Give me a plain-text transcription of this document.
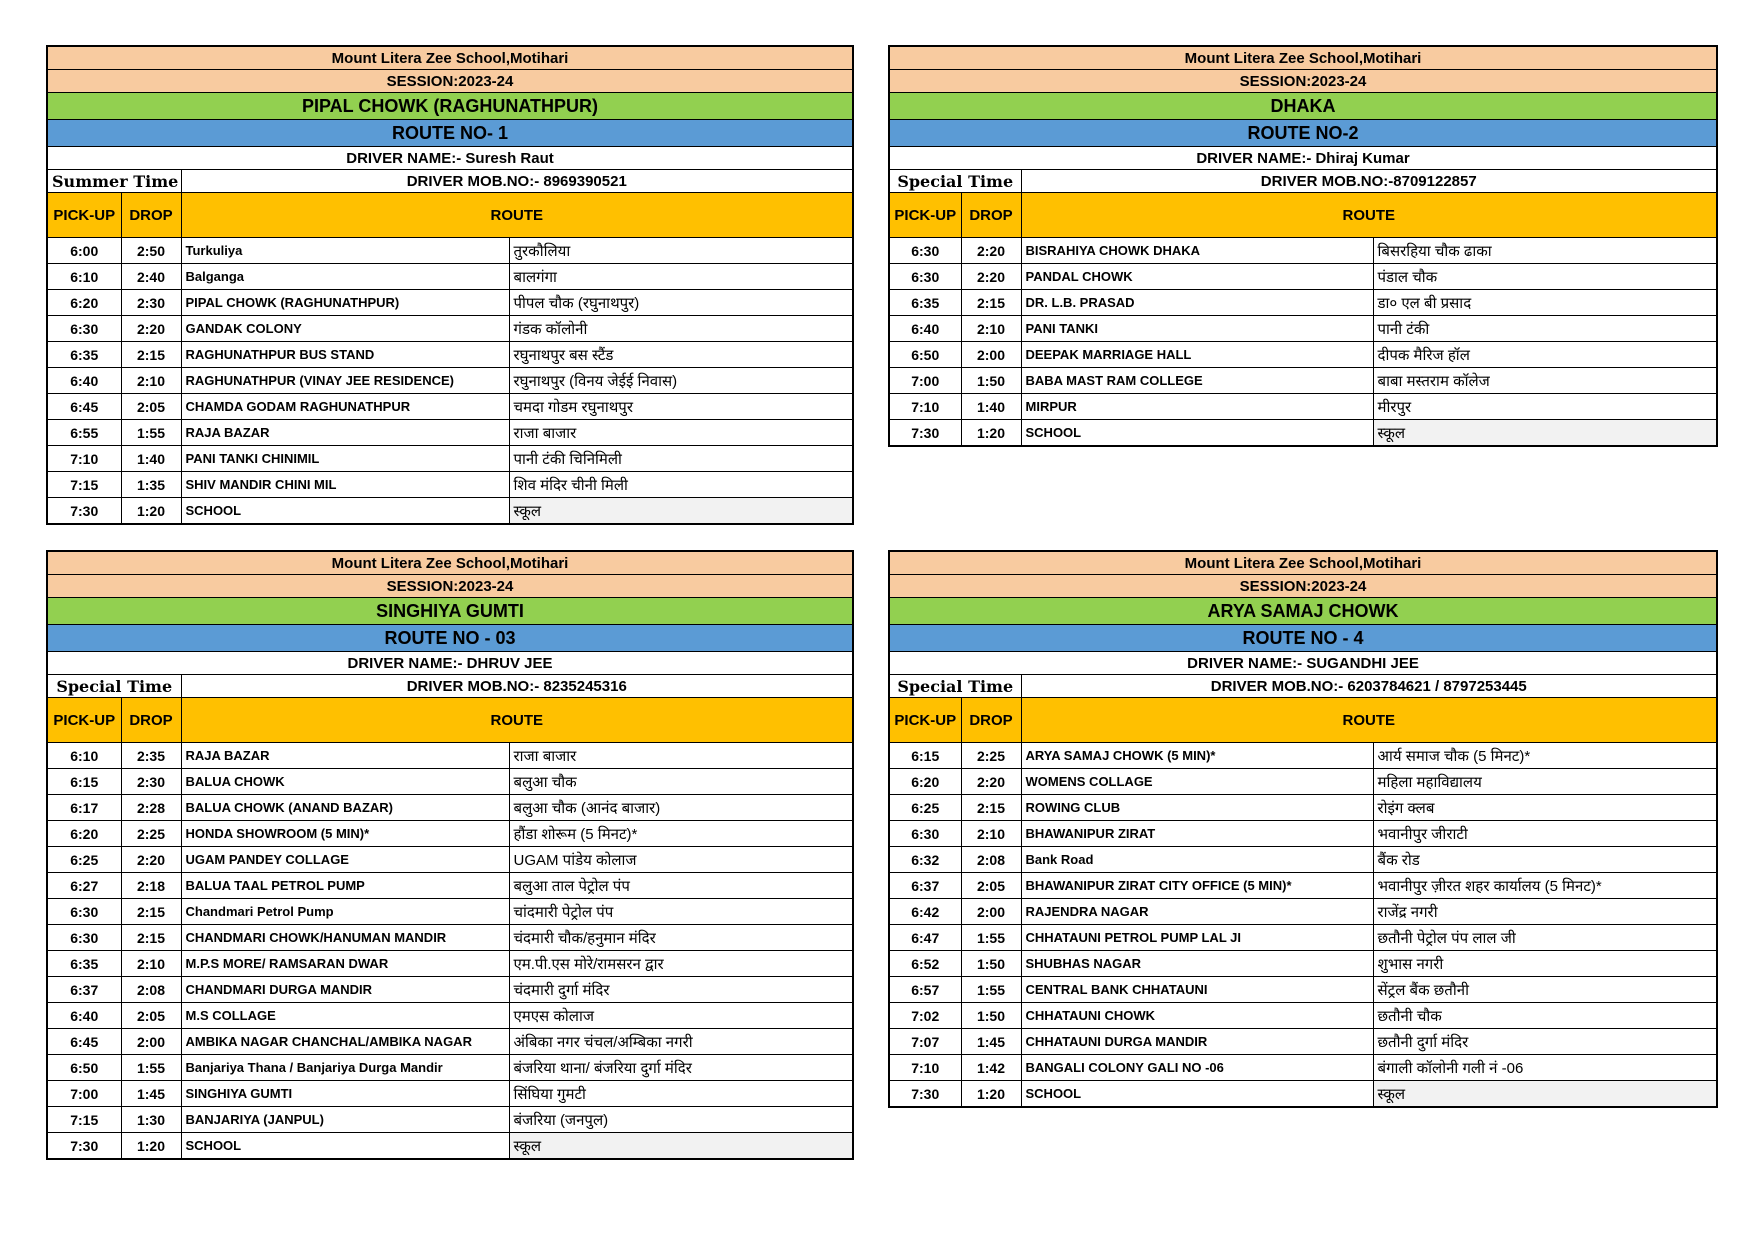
Mount Litera Zee School,Motihari			
SESSION:2023-24			
PIPAL CHOWK (RAGHUNATHPUR)			
ROUTE NO- 1			
DRIVER NAME:- Suresh Raut			
Summer Time		DRIVER MOB.NO:- 8969390521	
PICK-UP	DROP	ROUTE	
6:00	2:50	Turkuliya	तुरकौलिया
6:10	2:40	Balganga	बालगंगा
6:20	2:30	PIPAL CHOWK (RAGHUNATHPUR)	पीपल चौक (रघुनाथपुर)
6:30	2:20	GANDAK COLONY	गंडक कॉलोनी
6:35	2:15	RAGHUNATHPUR BUS STAND	रघुनाथपुर बस स्टैंड
6:40	2:10	RAGHUNATHPUR (VINAY JEE RESIDENCE)	रघुनाथपुर (विनय जेईई निवास)
6:45	2:05	CHAMDA GODAM RAGHUNATHPUR	चमदा गोडम रघुनाथपुर
6:55	1:55	RAJA BAZAR	राजा बाजार
7:10	1:40	PANI TANKI CHINIMIL	पानी टंकी चिनिमिली
7:15	1:35	SHIV MANDIR CHINI MIL	शिव मंदिर चीनी मिली
7:30	1:20	SCHOOL	स्कूल
Mount Litera Zee School,Motihari			
SESSION:2023-24			
DHAKA			
ROUTE NO-2			
DRIVER NAME:- Dhiraj Kumar			
Special Time		DRIVER MOB.NO:-8709122857	
PICK-UP	DROP	ROUTE	
6:30	2:20	BISRAHIYA CHOWK DHAKA	बिसरहिया चौक ढाका
6:30	2:20	PANDAL CHOWK	पंडाल चौक
6:35	2:15	DR. L.B. PRASAD	डा० एल बी प्रसाद
6:40	2:10	PANI TANKI	पानी टंकी
6:50	2:00	DEEPAK MARRIAGE HALL	दीपक मैरिज हॉल
7:00	1:50	BABA MAST RAM COLLEGE	बाबा मस्तराम कॉलेज
7:10	1:40	MIRPUR	मीरपुर
7:30	1:20	SCHOOL	स्कूल
Mount Litera Zee School,Motihari			
SESSION:2023-24			
SINGHIYA GUMTI			
ROUTE NO - 03			
DRIVER NAME:- DHRUV JEE			
Special Time		DRIVER MOB.NO:- 8235245316	
PICK-UP	DROP	ROUTE	
6:10	2:35	RAJA BAZAR	राजा बाजार
6:15	2:30	BALUA CHOWK	बलुआ चौक
6:17	2:28	BALUA CHOWK (ANAND BAZAR)	बलुआ चौक (आनंद बाजार)
6:20	2:25	HONDA SHOWROOM (5 MIN)*	हौंडा शोरूम (5 मिनट)*
6:25	2:20	UGAM PANDEY COLLAGE	UGAM पांडेय कोलाज
6:27	2:18	BALUA TAAL PETROL PUMP	बलुआ ताल पेट्रोल पंप
6:30	2:15	Chandmari Petrol Pump	चांदमारी पेट्रोल पंप
6:30	2:15	CHANDMARI CHOWK/HANUMAN MANDIR	चंदमारी चौक/हनुमान मंदिर
6:35	2:10	M.P.S MORE/ RAMSARAN DWAR	एम.पी.एस मोरे/रामसरन द्वार
6:37	2:08	CHANDMARI DURGA MANDIR	चंदमारी दुर्गा मंदिर
6:40	2:05	M.S COLLAGE	एमएस कोलाज
6:45	2:00	AMBIKA NAGAR CHANCHAL/AMBIKA NAGAR	अंबिका नगर चंचल/अम्बिका नगरी
6:50	1:55	Banjariya Thana / Banjariya Durga Mandir	बंजरिया थाना/ बंजरिया दुर्गा मंदिर
7:00	1:45	SINGHIYA GUMTI	सिंघिया गुमटी
7:15	1:30	BANJARIYA (JANPUL)	बंजरिया (जनपुल)
7:30	1:20	SCHOOL	स्कूल
Mount Litera Zee School,Motihari			
SESSION:2023-24			
ARYA SAMAJ CHOWK			
ROUTE NO - 4			
DRIVER NAME:- SUGANDHI JEE			
Special Time		DRIVER MOB.NO:- 6203784621 / 8797253445	
PICK-UP	DROP	ROUTE	
6:15	2:25	ARYA SAMAJ CHOWK (5 MIN)*	आर्य समाज चौक (5 मिनट)*
6:20	2:20	WOMENS COLLAGE	महिला महाविद्यालय
6:25	2:15	ROWING CLUB	रोइंग क्लब
6:30	2:10	BHAWANIPUR ZIRAT	भवानीपुर जीराटी
6:32	2:08	Bank Road	बैंक रोड
6:37	2:05	BHAWANIPUR ZIRAT CITY OFFICE (5 MIN)*	भवानीपुर ज़ीरत शहर कार्यालय (5 मिनट)*
6:42	2:00	RAJENDRA NAGAR	राजेंद्र नगरी
6:47	1:55	CHHATAUNI PETROL PUMP LAL JI	छतौनी पेट्रोल पंप लाल जी
6:52	1:50	SHUBHAS NAGAR	शुभास नगरी
6:57	1:55	CENTRAL BANK CHHATAUNI	सेंट्रल बैंक छतौनी
7:02	1:50	CHHATAUNI CHOWK	छतौनी चौक
7:07	1:45	CHHATAUNI DURGA MANDIR	छतौनी दुर्गा मंदिर
7:10	1:42	BANGALI COLONY GALI NO -06	बंगाली कॉलोनी गली नं -06
7:30	1:20	SCHOOL	स्कूल
